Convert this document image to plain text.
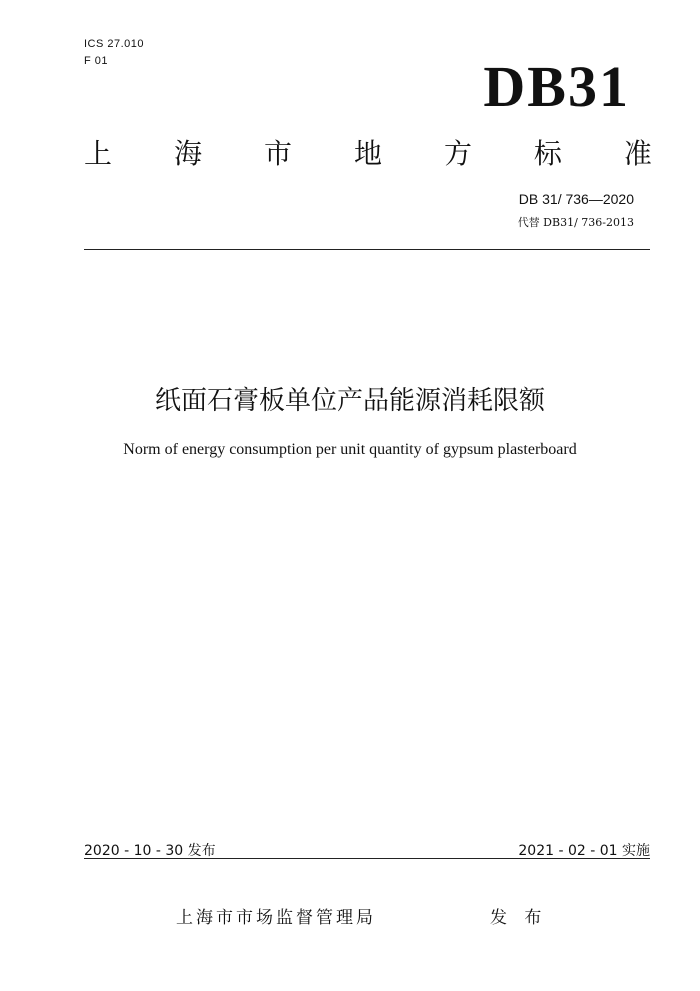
ICS 27.010
F 01	DB31
上 海 市 地 方 标 准
DB 31/ 736—2020
代替 DB31/ 736-2013
纸面石膏板单位产品能源消耗限额
Norm of energy consumption per unit quantity of gypsum plasterboard
2020 - 10 - 30 发布	2021 - 02 - 01 实施
上海市市场监督管理局	发 布
